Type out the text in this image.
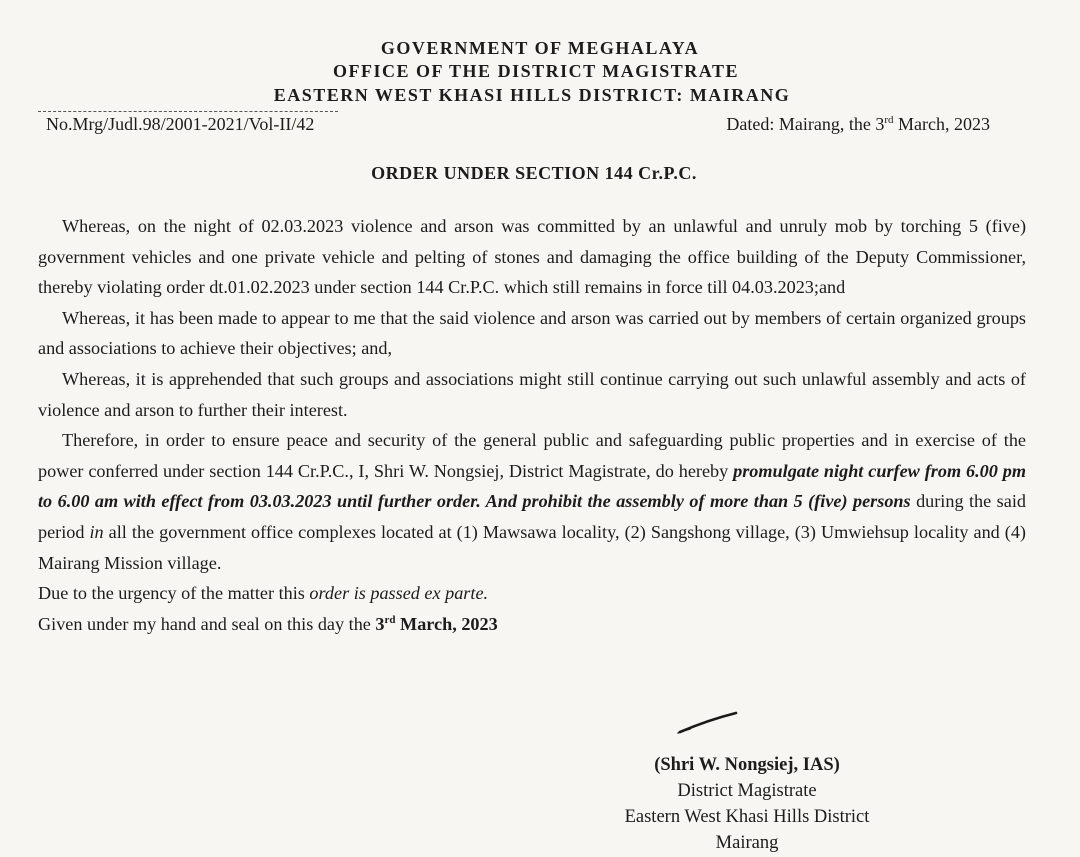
GOVERNMENT OF MEGHALAYA
OFFICE OF THE DISTRICT MAGISTRATE
EASTERN WEST KHASI HILLS DISTRICT: MAIRANG
No.Mrg/Judl.98/2001-2021/Vol-II/42	Dated: Mairang, the 3rd March, 2023
ORDER UNDER SECTION 144 Cr.P.C.

Whereas, on the night of 02.03.2023 violence and arson was committed by an unlawful and unruly mob by torching 5 (five) government vehicles and one private vehicle and pelting of stones and damaging the office building of the Deputy Commissioner, thereby violating order dt.01.02.2023 under section 144 Cr.P.C. which still remains in force till 04.03.2023;and

Whereas, it has been made to appear to me that the said violence and arson was carried out by members of certain organized groups and associations to achieve their objectives; and,

Whereas, it is apprehended that such groups and associations might still continue carrying out such unlawful assembly and acts of violence and arson to further their interest.

Therefore, in order to ensure peace and security of the general public and safeguarding public properties and in exercise of the power conferred under section 144 Cr.P.C., I, Shri W. Nongsiej, District Magistrate, do hereby promulgate night curfew from 6.00 pm to 6.00 am with effect from 03.03.2023 until further order. And prohibit the assembly of more than 5 (five) persons during the said period in all the government office complexes located at (1) Mawsawa locality, (2) Sangshong village, (3) Umwiehsup locality and (4) Mairang Mission village.

Due to the urgency of the matter this order is passed ex parte.

Given under my hand and seal on this day the 3rd March, 2023

(Shri W. Nongsiej, IAS)
District Magistrate
Eastern West Khasi Hills District
Mairang
